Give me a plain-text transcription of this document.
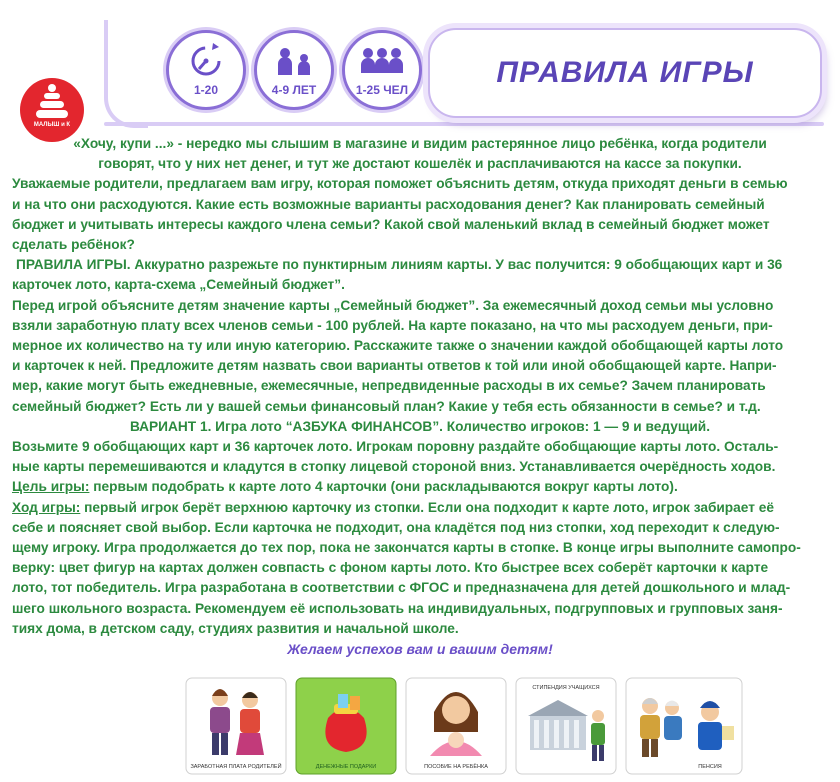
МАЛЫШ и К
1-20	4-9 ЛЕТ	1-25 ЧЕЛ
ПРАВИЛА ИГРЫ

«Хочу, купи ...» - нередко мы слышим в магазине и видим растерянное лицо ребёнка, когда родители

говорят, что у них нет денег, и тут же достают кошелёк и расплачиваются на кассе за покупки.

Уважаемые родители, предлагаем вам игру, которая поможет объяснить детям, откуда приходят деньги в семью

и на что они расходуются. Какие есть возможные варианты расходования денег? Как планировать семейный

бюджет и учитывать интересы каждого члена семьи? Какой свой маленький вклад в семейный бюджет может

сделать ребёнок?

ПРАВИЛА ИГРЫ. Аккуратно разрежьте по пунктирным линиям карты. У вас получится: 9 обобщающих карт и 36

карточек лото, карта-схема „Семейный бюджет”.

Перед игрой объясните детям значение карты „Семейный бюджет”. За ежемесячный доход семьи мы условно

взяли заработную плату всех членов семьи - 100 рублей. На карте показано, на что мы расходуем деньги, при-

мерное их количество на ту или иную категорию. Расскажите также о значении каждой обобщающей карты лото

и карточек к ней. Предложите детям назвать свои варианты ответов к той или иной обобщающей карте. Напри-

мер, какие могут быть ежедневные, ежемесячные, непредвиденные расходы в их семье? Зачем планировать

семейный бюджет? Есть ли у вашей семьи финансовый план? Какие у тебя есть обязанности в семье? и т.д.

ВАРИАНТ 1. Игра лото “АЗБУКА ФИНАНСОВ”. Количество игроков: 1 — 9 и ведущий.

Возьмите 9 обобщающих карт и 36 карточек лото. Игрокам поровну раздайте обобщающие карты лото. Осталь-

ные карты перемешиваются и кладутся в стопку лицевой стороной вниз. Устанавливается очерёдность ходов.

Цель игры: первым подобрать к карте лото 4 карточки (они раскладываются вокруг карты лото).

Ход игры: первый игрок берёт верхнюю карточку из стопки. Если она подходит к карте лото, игрок забирает её

себе и поясняет свой выбор. Если карточка не подходит, она кладётся под низ стопки, ход переходит к следую-

щему игроку. Игра продолжается до тех пор, пока не закончатся карты в стопке. В конце игры выполните самопро-

верку: цвет фигур на картах должен совпасть с фоном карты лото. Кто быстрее всех соберёт карточки к карте

лото, тот победитель. Игра разработана в соответствии с ФГОС и предназначена для детей дошкольного и млад-

шего школьного возраста. Рекомендуем её использовать на индивидуальных, подгрупповых и групповых заня-

тиях дома, в детском саду, студиях развития и начальной школе.

Желаем успехов вам и вашим детям!

ЗАРАБОТНАЯ ПЛАТА РОДИТЕЛЕЙ	ДЕНЕЖНЫЕ ПОДАРКИ	ПОСОБИЕ НА РЕБЁНКА
СТИПЕНДИЯ УЧАЩИХСЯ
ПЕНСИЯ
